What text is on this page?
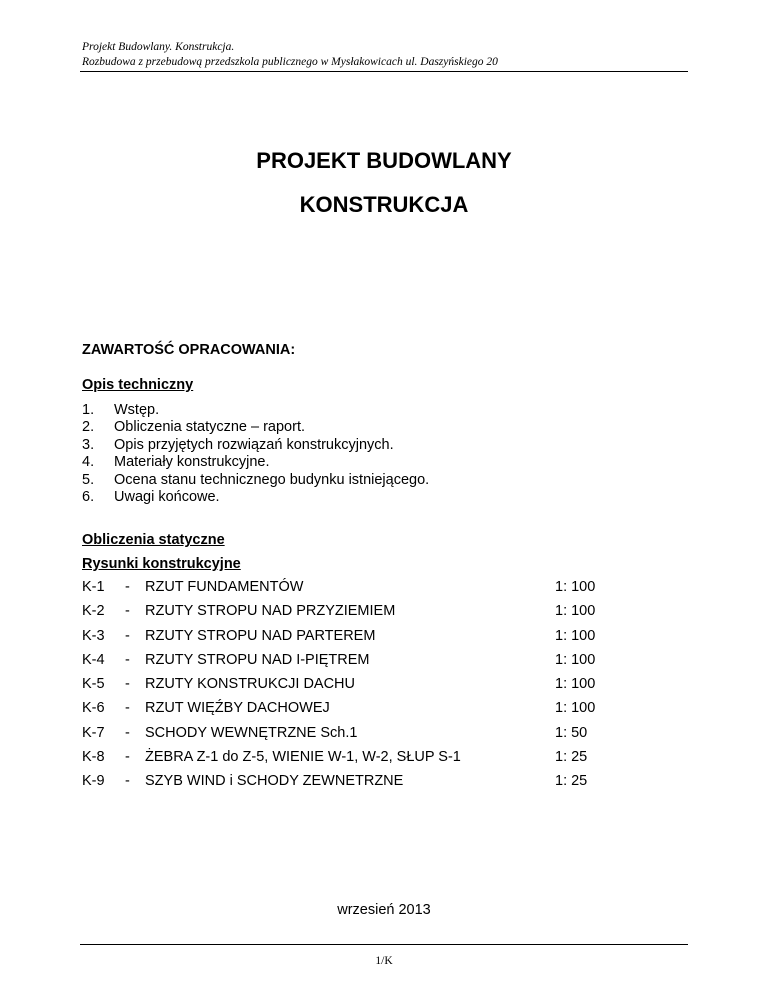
Projekt Budowlany. Konstrukcja.
Rozbudowa z przebudową przedszkola publicznego w Mysłakowicach ul. Daszyńskiego 20
PROJEKT BUDOWLANY
KONSTRUKCJA
ZAWARTOŚĆ OPRACOWANIA:
Opis techniczny
1. Wstęp.
2. Obliczenia statyczne – raport.
3. Opis przyjętych rozwiązań konstrukcyjnych.
4. Materiały konstrukcyjne.
5. Ocena stanu technicznego budynku istniejącego.
6. Uwagi końcowe.
Obliczenia statyczne
Rysunki konstrukcyjne
K-1 - RZUT FUNDAMENTÓW	1: 100
K-2 - RZUTY STROPU NAD PRZYZIEMIEM	1: 100
K-3 - RZUTY STROPU NAD PARTEREM	1: 100
K-4 - RZUTY STROPU NAD I-PIĘTREM	1: 100
K-5 - RZUTY KONSTRUKCJI DACHU	1: 100
K-6 - RZUT WIĘŹBY DACHOWEJ	1: 100
K-7 - SCHODY WEWNĘTRZNE Sch.1	1: 50
K-8 - ŻEBRA Z-1 do Z-5, WIENIE W-1, W-2, SŁUP S-1	1: 25
K-9 - SZYB WIND i SCHODY ZEWNETRZNE	1: 25
wrzesień 2013
1/K
